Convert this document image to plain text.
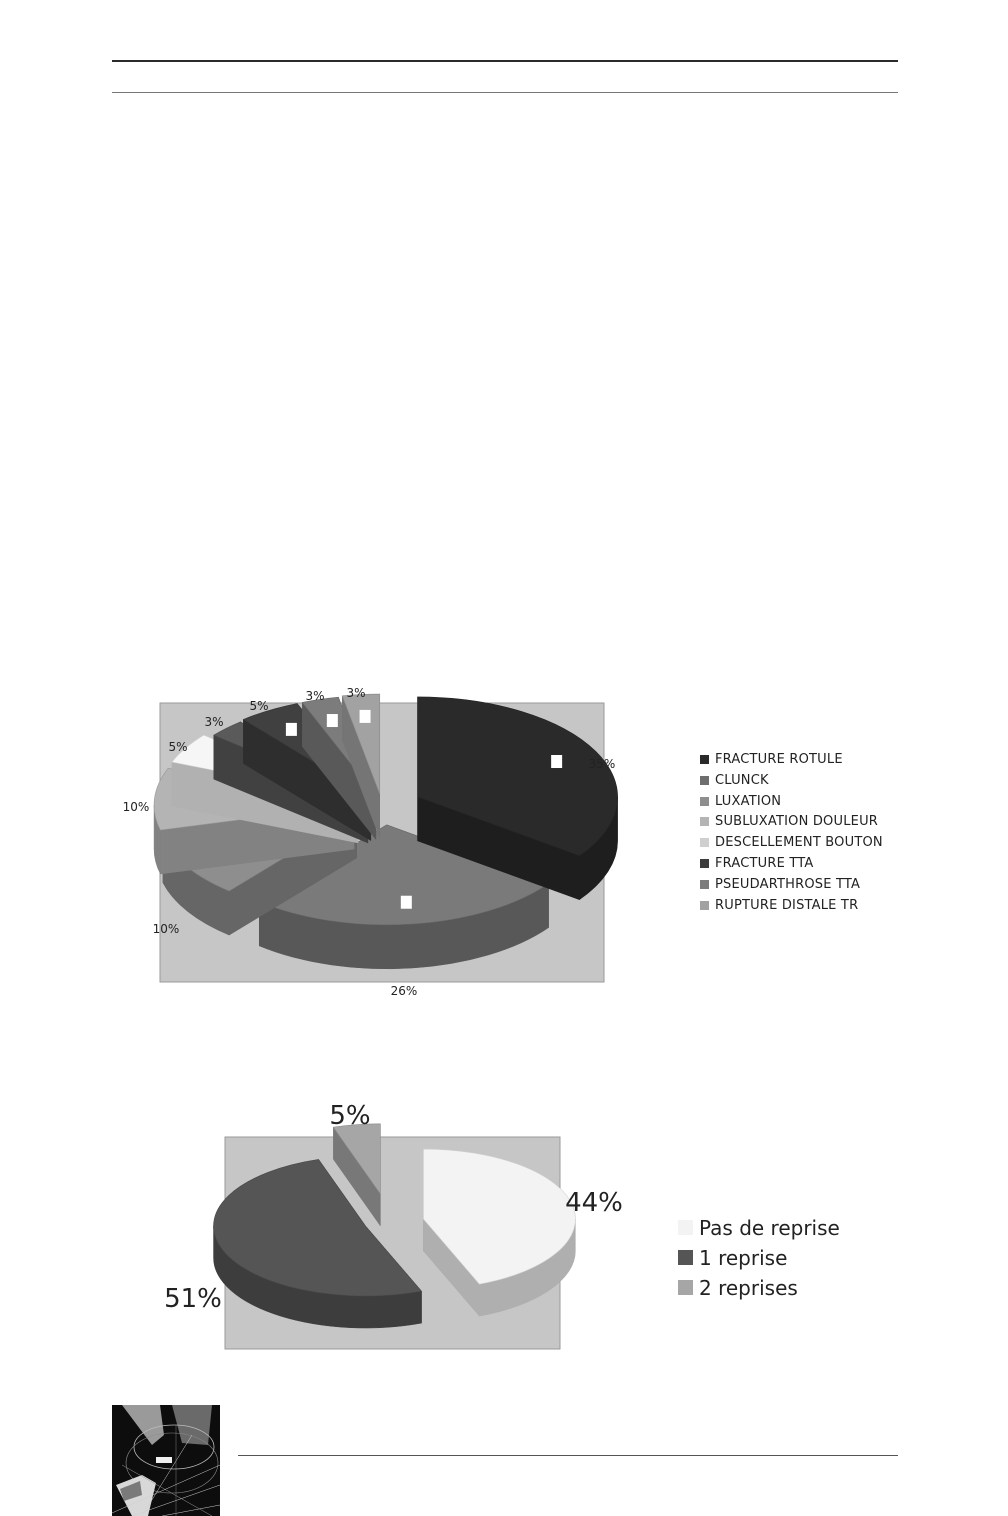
35%
26%
10%
10%
5%
3%
5%
3% 3%
FRACTURE ROTULE
CLUNCK
LUXATION
SUBLUXATION DOULEUR
DESCELLEMENT BOUTON
FRACTURE TTA
PSEUDARTHROSE TTA
RUPTURE DISTALE TR
44%
51%
5%
Pas de reprise
1 reprise
2 reprises
